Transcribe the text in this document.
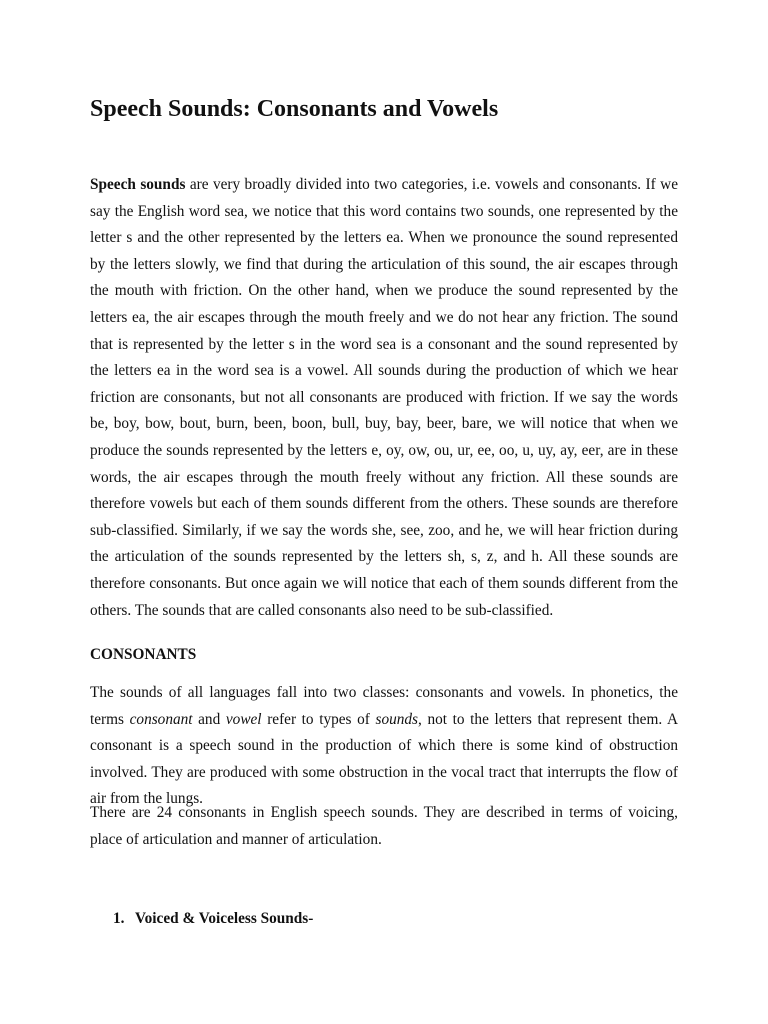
Speech Sounds: Consonants and Vowels

Speech sounds are very broadly divided into two categories, i.e. vowels and consonants. If we say the English word sea, we notice that this word contains two sounds, one represented by the letter s and the other represented by the letters ea. When we pronounce the sound represented by the letters slowly, we find that during the articulation of this sound, the air escapes through the mouth with friction. On the other hand, when we produce the sound represented by the letters ea, the air escapes through the mouth freely and we do not hear any friction. The sound that is represented by the letter s in the word sea is a consonant and the sound represented by the letters ea in the word sea is a vowel. All sounds during the production of which we hear friction are consonants, but not all consonants are produced with friction. If we say the words be, boy, bow, bout, burn, been, boon, bull, buy, bay, beer, bare, we will notice that when we produce the sounds represented by the letters e, oy, ow, ou, ur, ee, oo, u, uy, ay, eer, are in these words, the air escapes through the mouth freely without any friction. All these sounds are therefore vowels but each of them sounds different from the others. These sounds are therefore sub-classified. Similarly, if we say the words she, see, zoo, and he, we will hear friction during the articulation of the sounds represented by the letters sh, s, z, and h. All these sounds are therefore consonants. But once again we will notice that each of them sounds different from the others. The sounds that are called consonants also need to be sub-classified.

CONSONANTS

The sounds of all languages fall into two classes: consonants and vowels. In phonetics, the terms consonant and vowel refer to types of sounds, not to the letters that represent them. A consonant is a speech sound in the production of which there is some kind of obstruction involved. They are produced with some obstruction in the vocal tract that interrupts the flow of air from the lungs.

There are 24 consonants in English speech sounds. They are described in terms of voicing, place of articulation and manner of articulation.

1. Voiced & Voiceless Sounds-
